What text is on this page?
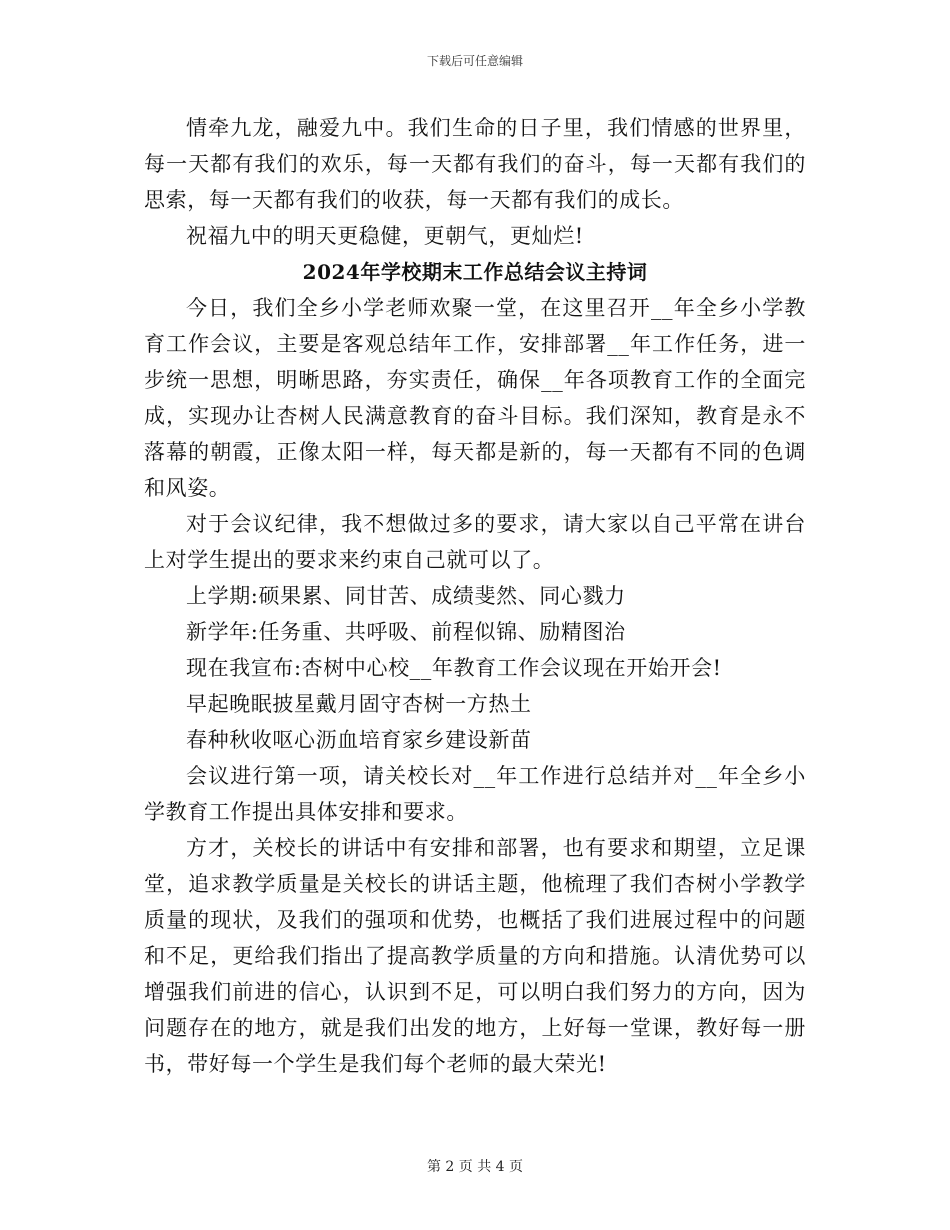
下载后可任意编辑

情牵九龙，融爱九中。我们生命的日子里，我们情感的世界里，每一天都有我们的欢乐，每一天都有我们的奋斗，每一天都有我们的思索，每一天都有我们的收获，每一天都有我们的成长。

祝福九中的明天更稳健，更朝气，更灿烂!

2024年学校期末工作总结会议主持词

今日，我们全乡小学老师欢聚一堂，在这里召开__年全乡小学教育工作会议，主要是客观总结年工作，安排部署__年工作任务，进一步统一思想，明晰思路，夯实责任，确保__年各项教育工作的全面完成，实现办让杏树人民满意教育的奋斗目标。我们深知，教育是永不落幕的朝霞，正像太阳一样，每天都是新的，每一天都有不同的色调和风姿。

对于会议纪律，我不想做过多的要求，请大家以自己平常在讲台上对学生提出的要求来约束自己就可以了。

上学期:硕果累、同甘苦、成绩斐然、同心戮力

新学年:任务重、共呼吸、前程似锦、励精图治

现在我宣布:杏树中心校__年教育工作会议现在开始开会!

早起晚眠披星戴月固守杏树一方热土

春种秋收呕心沥血培育家乡建设新苗

会议进行第一项，请关校长对__年工作进行总结并对__年全乡小学教育工作提出具体安排和要求。

方才，关校长的讲话中有安排和部署，也有要求和期望，立足课堂，追求教学质量是关校长的讲话主题，他梳理了我们杏树小学教学质量的现状，及我们的强项和优势，也概括了我们进展过程中的问题和不足，更给我们指出了提高教学质量的方向和措施。认清优势可以增强我们前进的信心，认识到不足，可以明白我们努力的方向，因为问题存在的地方，就是我们出发的地方，上好每一堂课，教好每一册书，带好每一个学生是我们每个老师的最大荣光!

第 2 页 共 4 页
